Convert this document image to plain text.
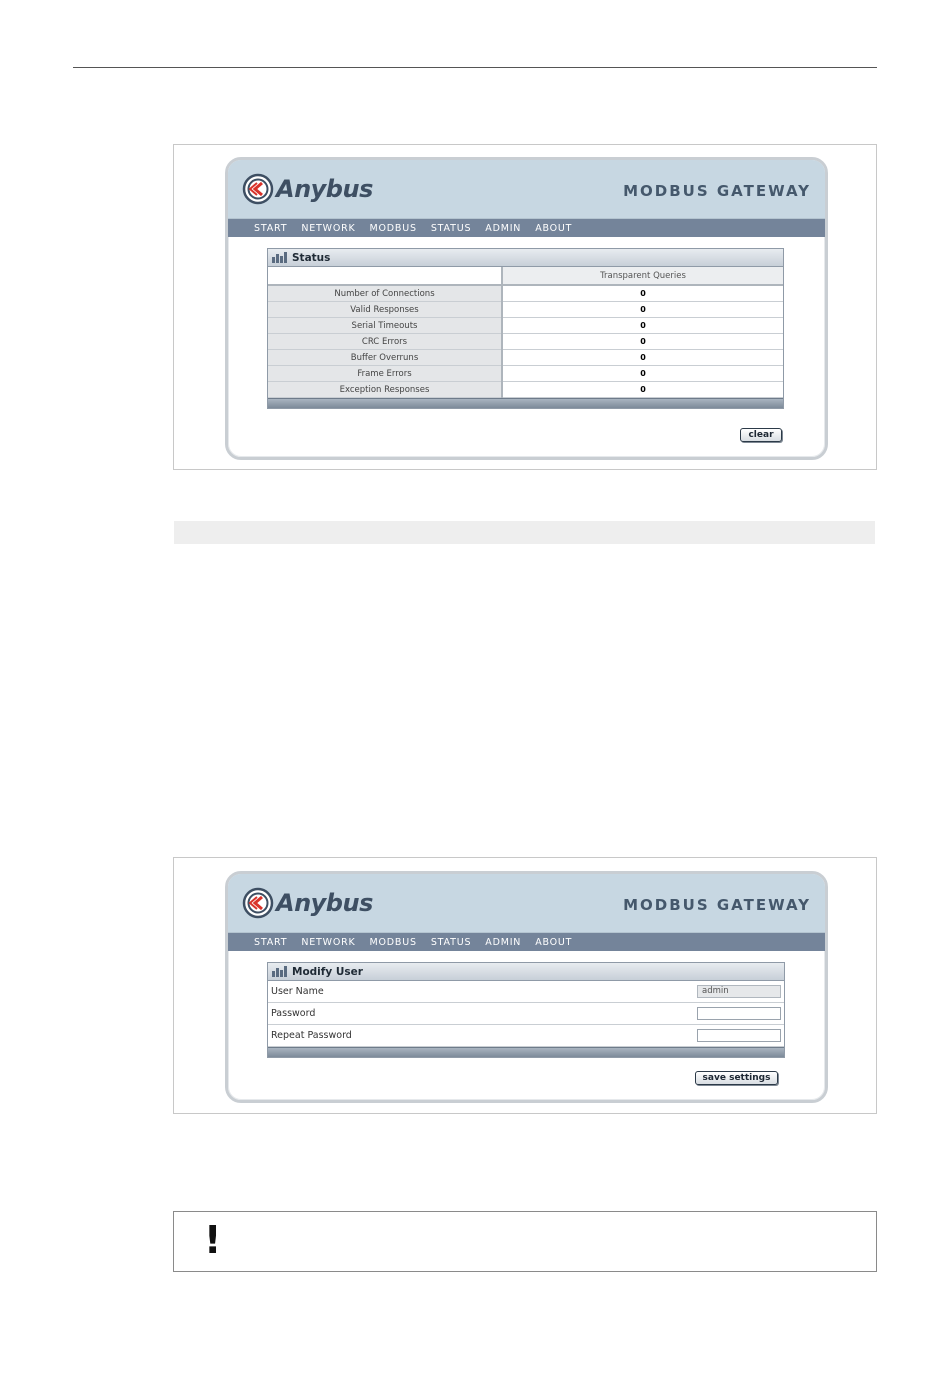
Anybus	MODBUS GATEWAY
START NETWORK MODBUS STATUS ADMIN ABOUT
Status
	Transparent Queries
Number of Connections	0
Valid Responses	0
Serial Timeouts	0
CRC Errors	0
Buffer Overruns	0
Frame Errors	0
Exception Responses	0
clear
Anybus	MODBUS GATEWAY
START NETWORK MODBUS STATUS ADMIN ABOUT
Modify User
User Name	admin
Password	
Repeat Password	
save settings
!
